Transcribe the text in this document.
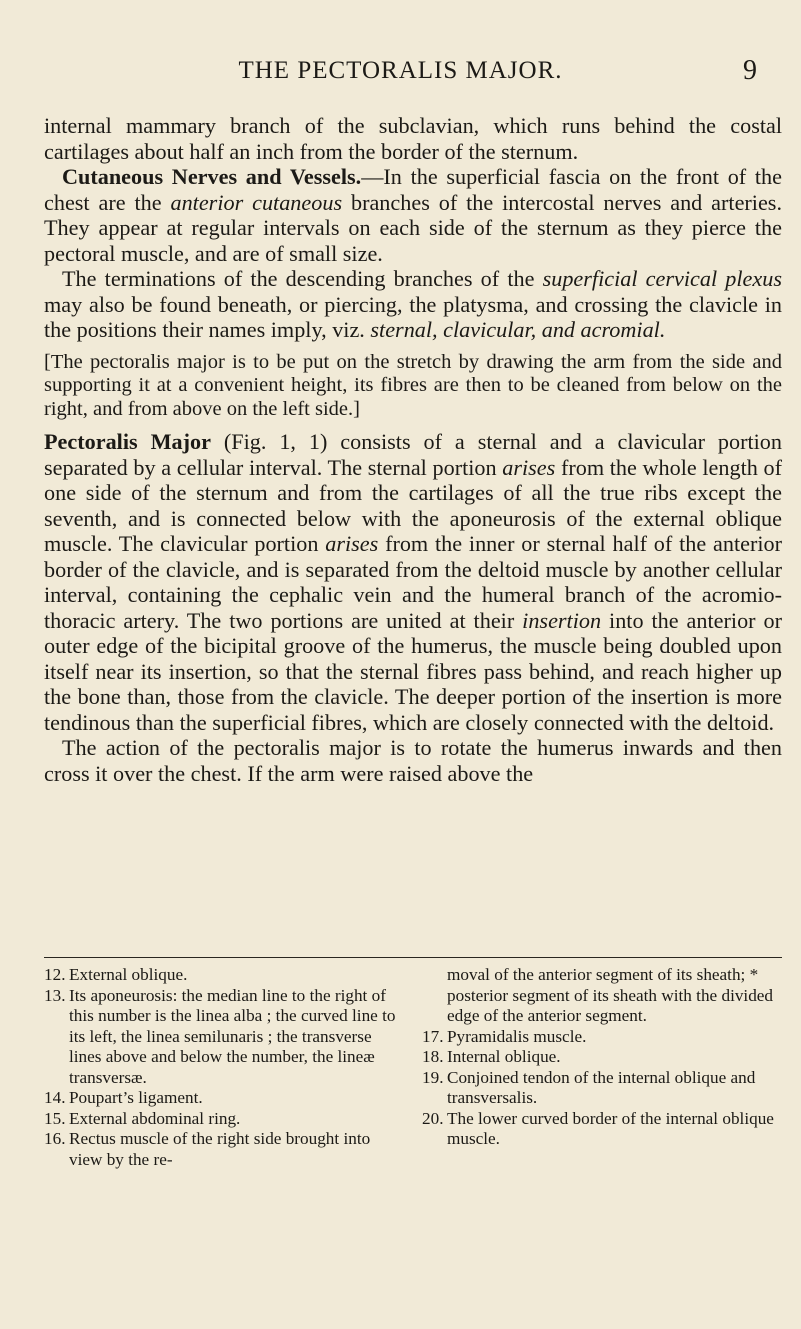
THE PECTORALIS MAJOR.	9

internal mammary branch of the subclavian, which runs behind the costal cartilages about half an inch from the border of the sternum.

Cutaneous Nerves and Vessels.—In the superficial fascia on the front of the chest are the anterior cutaneous branches of the intercostal nerves and arteries. They appear at regular intervals on each side of the sternum as they pierce the pectoral muscle, and are of small size.

The terminations of the descending branches of the superficial cervical plexus may also be found beneath, or piercing, the platysma, and crossing the clavicle in the positions their names imply, viz. sternal, clavicular, and acromial.

[The pectoralis major is to be put on the stretch by drawing the arm from the side and supporting it at a convenient height, its fibres are then to be cleaned from below on the right, and from above on the left side.]

Pectoralis Major (Fig. 1, 1) consists of a sternal and a clavicular portion separated by a cellular interval. The sternal portion arises from the whole length of one side of the sternum and from the cartilages of all the true ribs except the seventh, and is connected below with the aponeurosis of the external oblique muscle. The clavicular portion arises from the inner or sternal half of the anterior border of the clavicle, and is separated from the deltoid muscle by another cellular interval, containing the cephalic vein and the humeral branch of the acromio-thoracic artery. The two portions are united at their insertion into the anterior or outer edge of the bicipital groove of the humerus, the muscle being doubled upon itself near its insertion, so that the sternal fibres pass behind, and reach higher up the bone than, those from the clavicle. The deeper portion of the insertion is more tendinous than the superficial fibres, which are closely connected with the deltoid.

The action of the pectoralis major is to rotate the humerus inwards and then cross it over the chest. If the arm were raised above the

12. External oblique.
13. Its aponeurosis: the median line to the right of this number is the linea alba ; the curved line to its left, the linea semilunaris ; the transverse lines above and below the number, the lineæ transversæ.
14. Poupart’s ligament.
15. External abdominal ring.
16. Rectus muscle of the right side brought into view by the re-
moval of the anterior segment of its sheath; * posterior segment of its sheath with the divided edge of the anterior segment.
17. Pyramidalis muscle.
18. Internal oblique.
19. Conjoined tendon of the internal oblique and transversalis.
20. The lower curved border of the internal oblique muscle.
